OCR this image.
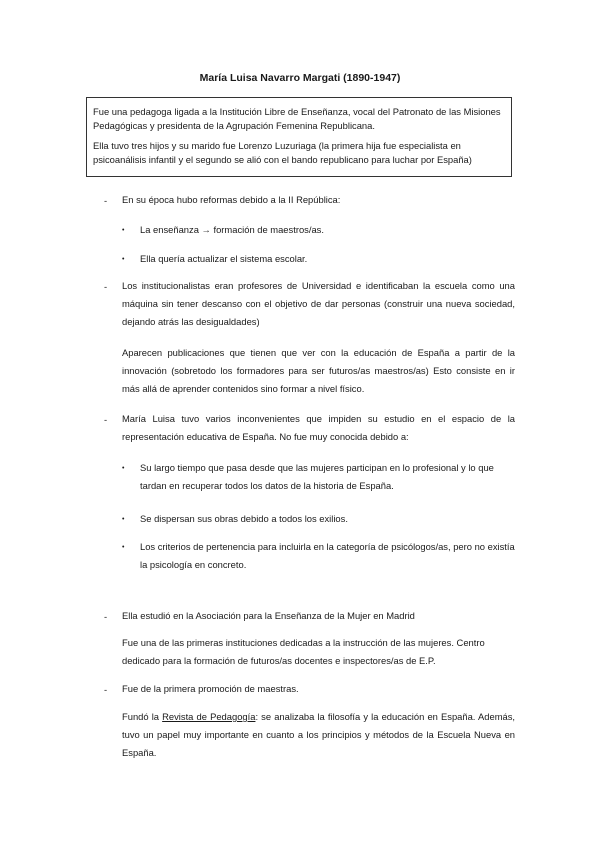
María Luisa Navarro Margati (1890-1947)

Fue una pedagoga ligada a la Institución Libre de Enseñanza, vocal del Patronato de las Misiones Pedagógicas y presidenta de la Agrupación Femenina Republicana.

Ella tuvo tres hijos y su marido fue Lorenzo Luzuriaga (la primera hija fue especialista en psicoanálisis infantil y el segundo se alió con el bando republicano para luchar por España)

- En su época hubo reformas debido a la II República:
• La enseñanza → formación de maestros/as.
• Ella quería actualizar el sistema escolar.
- Los institucionalistas eran profesores de Universidad e identificaban la escuela como una máquina sin tener descanso con el objetivo de dar personas (construir una nueva sociedad, dejando atrás las desigualdades)
Aparecen publicaciones que tienen que ver con la educación de España a partir de la innovación (sobretodo los formadores para ser futuros/as maestros/as) Esto consiste en ir más allá de aprender contenidos sino formar a nivel físico.
- María Luisa tuvo varios inconvenientes que impiden su estudio en el espacio de la representación educativa de España. No fue muy conocida debido a:
• Su largo tiempo que pasa desde que las mujeres participan en lo profesional y lo que tardan en recuperar todos los datos de la historia de España.
• Se dispersan sus obras debido a todos los exilios.
• Los criterios de pertenencia para incluirla en la categoría de psicólogos/as, pero no existía la psicología en concreto.
- Ella estudió en la Asociación para la Enseñanza de la Mujer en Madrid
Fue una de las primeras instituciones dedicadas a la instrucción de las mujeres. Centro dedicado para la formación de futuros/as docentes e inspectores/as de E.P.
- Fue de la primera promoción de maestras.
Fundó la Revista de Pedagogía: se analizaba la filosofía y la educación en España. Además, tuvo un papel muy importante en cuanto a los principios y métodos de la Escuela Nueva en España.
